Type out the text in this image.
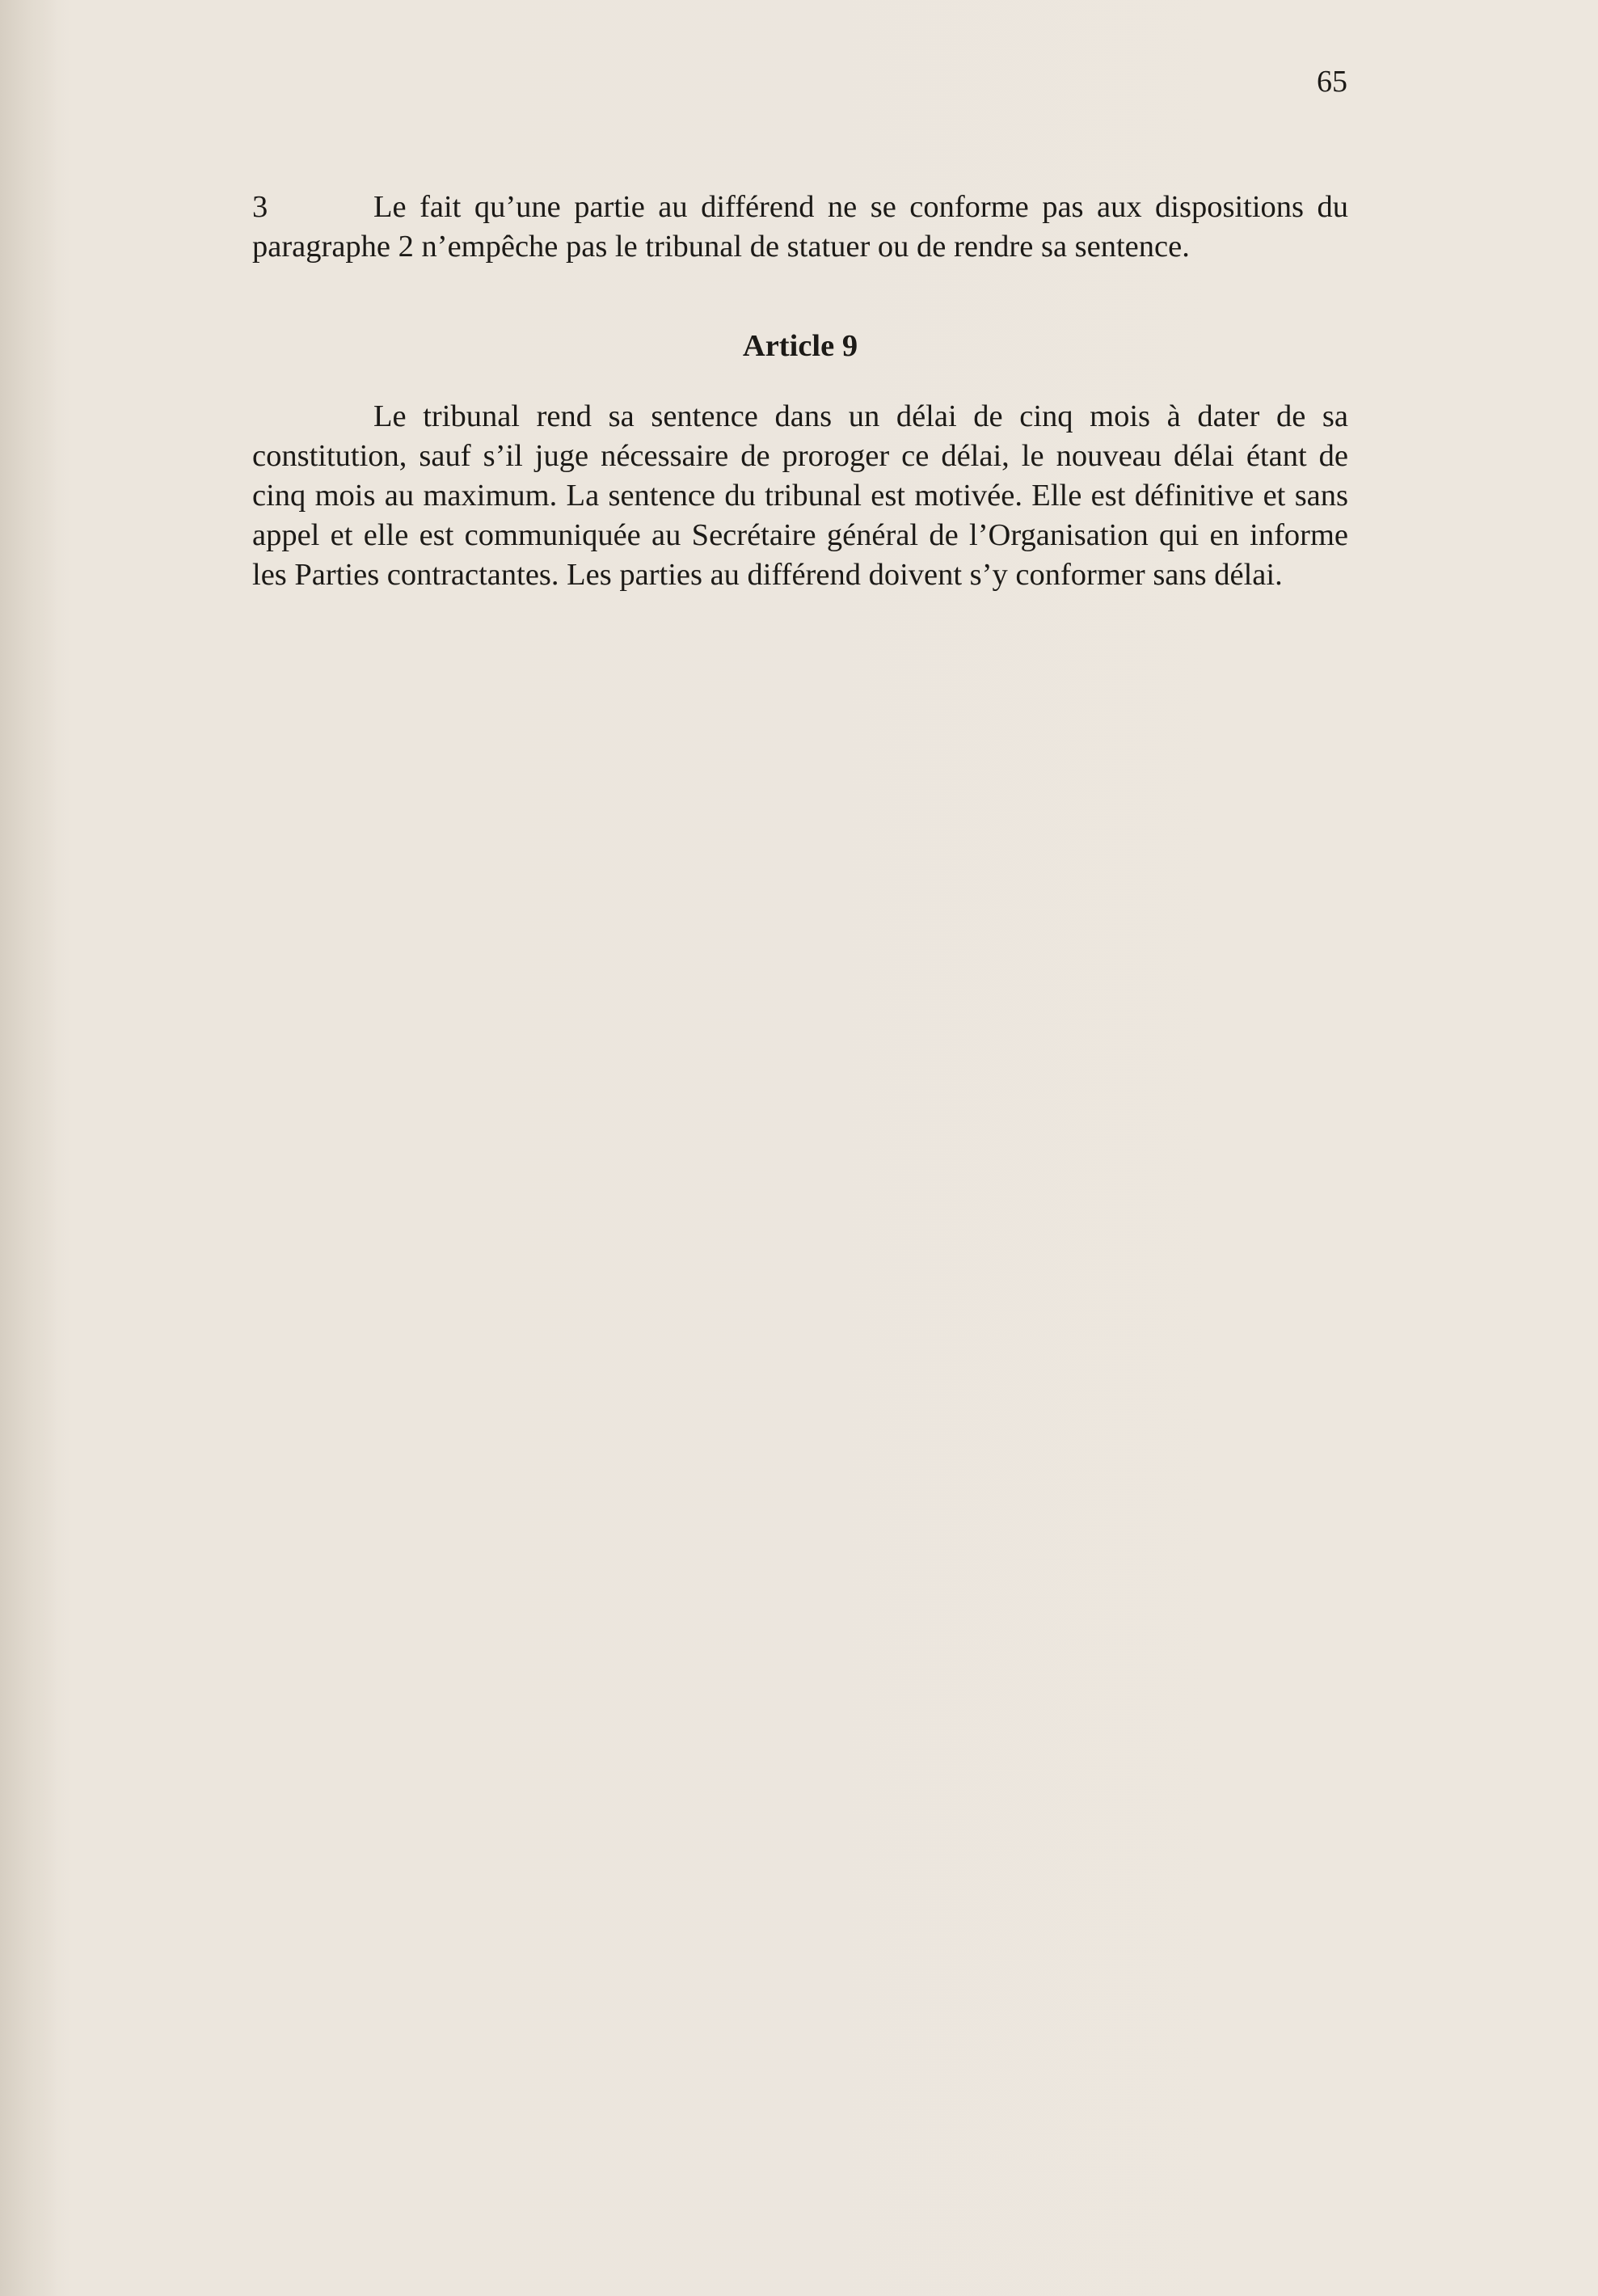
65

3	Le fait qu’une partie au différend ne se conforme pas aux dispositions du paragraphe 2 n’empêche pas le tribunal de statuer ou de rendre sa sentence.

Article 9

Le tribunal rend sa sentence dans un délai de cinq mois à dater de sa constitution, sauf s’il juge nécessaire de proroger ce délai, le nouveau délai étant de cinq mois au maximum. La sentence du tribunal est motivée. Elle est définitive et sans appel et elle est communiquée au Secrétaire général de l’Organisation qui en informe les Parties contractantes. Les parties au différend doivent s’y conformer sans délai.
